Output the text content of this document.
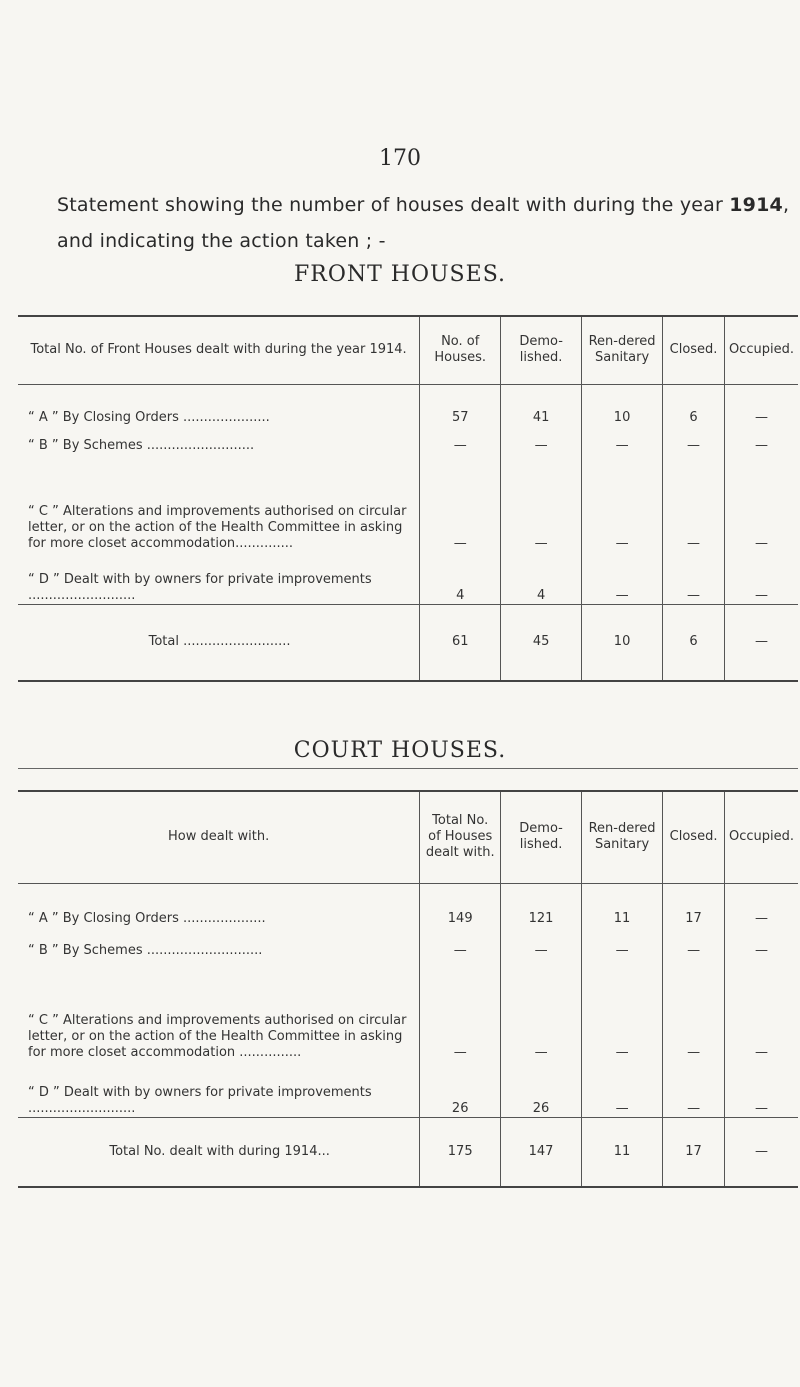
170
Statement showing the number of houses dealt with during the year 1914, and indicating the action taken ; -
FRONT HOUSES.
Total No. of Front Houses dealt with during the year 1914.	No. of Houses.	Demo-lished.	Ren-dered Sanitary	Closed.	Occupied.
“ A ” By Closing Orders .....................	57	41	10	6	—
“ B ” By Schemes ..........................	—	—	—	—	—
“ C ” Alterations and improvements authorised on circular letter, or on the action of the Health Committee in asking for more closet accommodation..............	—	—	—	—	—
“ D ” Dealt with by owners for private improvements ..........................	4	4	—	—	—
Total ..........................	61	45	10	6	—
COURT HOUSES.
How dealt with.	Total No. of Houses dealt with.	Demo-lished.	Ren-dered Sanitary	Closed.	Occupied.
“ A ” By Closing Orders ....................	149	121	11	17	—
“ B ” By Schemes ............................	—	—	—	—	—
“ C ” Alterations and improvements authorised on circular letter, or on the action of the Health Committee in asking for more closet accommodation ...............	—	—	—	—	—
“ D ” Dealt with by owners for private improvements ..........................	26	26	—	—	—
Total No. dealt with during 1914...	175	147	11	17	—
